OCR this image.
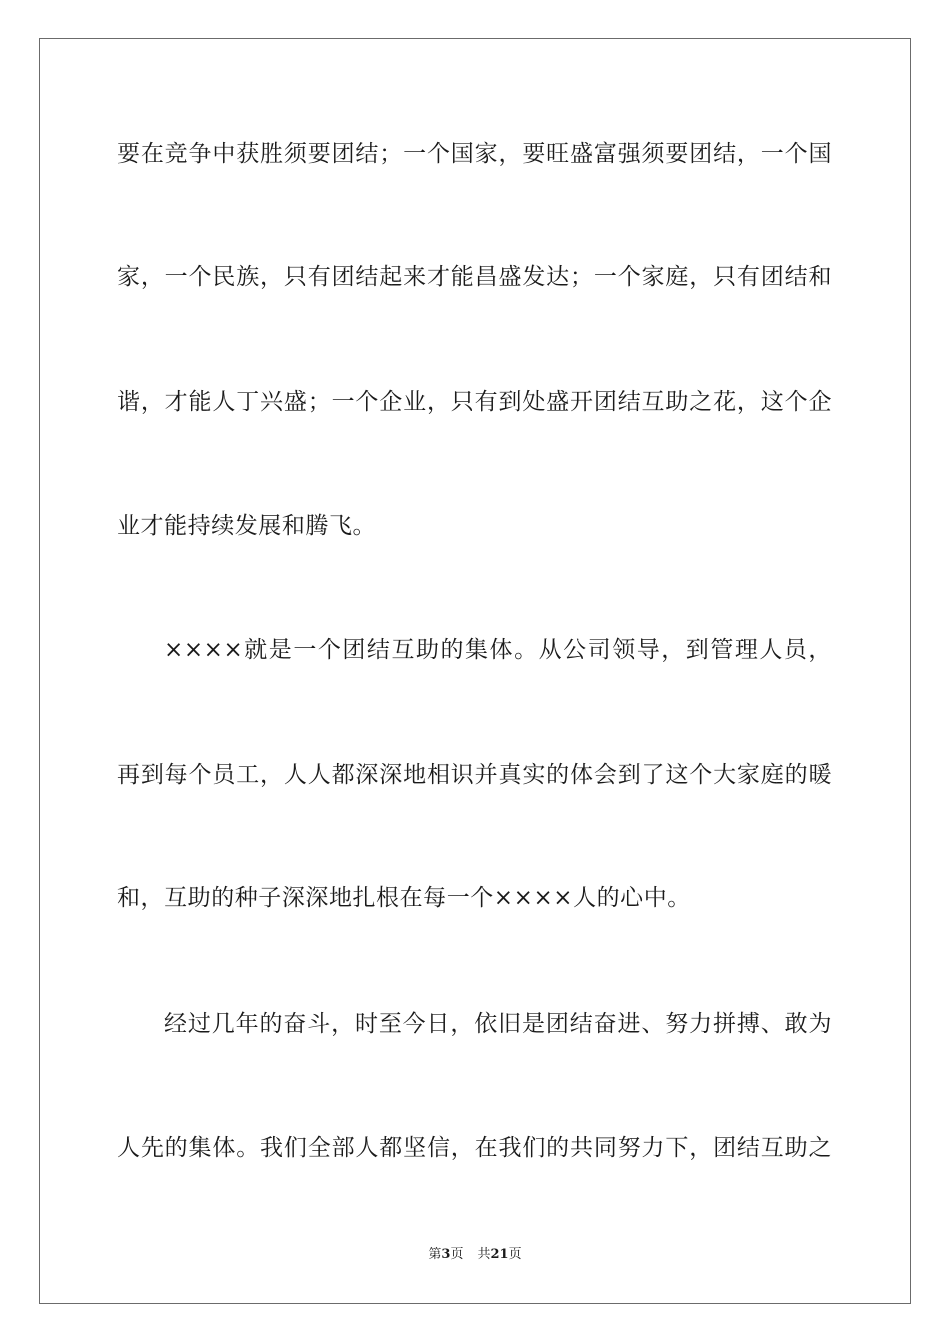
要在竞争中获胜须要团结；一个国家，要旺盛富强须要团结，一个国
家，一个民族，只有团结起来才能昌盛发达；一个家庭，只有团结和
谐，才能人丁兴盛；一个企业，只有到处盛开团结互助之花，这个企
业才能持续发展和腾飞。
××××就是一个团结互助的集体。从公司领导，到管理人员，
再到每个员工，人人都深深地相识并真实的体会到了这个大家庭的暖
和，互助的种子深深地扎根在每一个××××人的心中。
经过几年的奋斗，时至今日，依旧是团结奋进、努力拼搏、敢为
人先的集体。我们全部人都坚信，在我们的共同努力下，团结互助之
第3页 共21页
